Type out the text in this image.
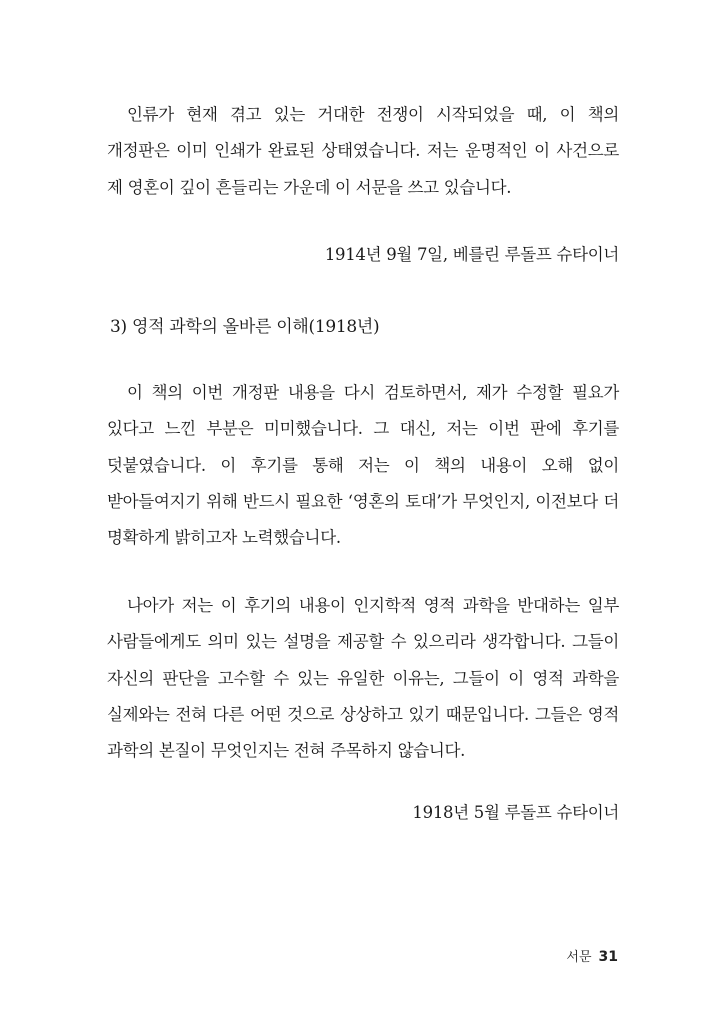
인류가 현재 겪고 있는 거대한 전쟁이 시작되었을 때, 이 책의 개정판은 이미 인쇄가 완료된 상태였습니다. 저는 운명적인 이 사건으로 제 영혼이 깊이 흔들리는 가운데 이 서문을 쓰고 있습니다.

1914년 9월 7일, 베를린 루돌프 슈타이너
3) 영적 과학의 올바른 이해(1918년)

이 책의 이번 개정판 내용을 다시 검토하면서, 제가 수정할 필요가 있다고 느낀 부분은 미미했습니다. 그 대신, 저는 이번 판에 후기를 덧붙였습니다. 이 후기를 통해 저는 이 책의 내용이 오해 없이 받아들여지기 위해 반드시 필요한 ‘영혼의 토대’가 무엇인지, 이전보다 더 명확하게 밝히고자 노력했습니다.

나아가 저는 이 후기의 내용이 인지학적 영적 과학을 반대하는 일부 사람들에게도 의미 있는 설명을 제공할 수 있으리라 생각합니다. 그들이 자신의 판단을 고수할 수 있는 유일한 이유는, 그들이 이 영적 과학을 실제와는 전혀 다른 어떤 것으로 상상하고 있기 때문입니다. 그들은 영적 과학의 본질이 무엇인지는 전혀 주목하지 않습니다.

1918년 5월 루돌프 슈타이너
서문 31
